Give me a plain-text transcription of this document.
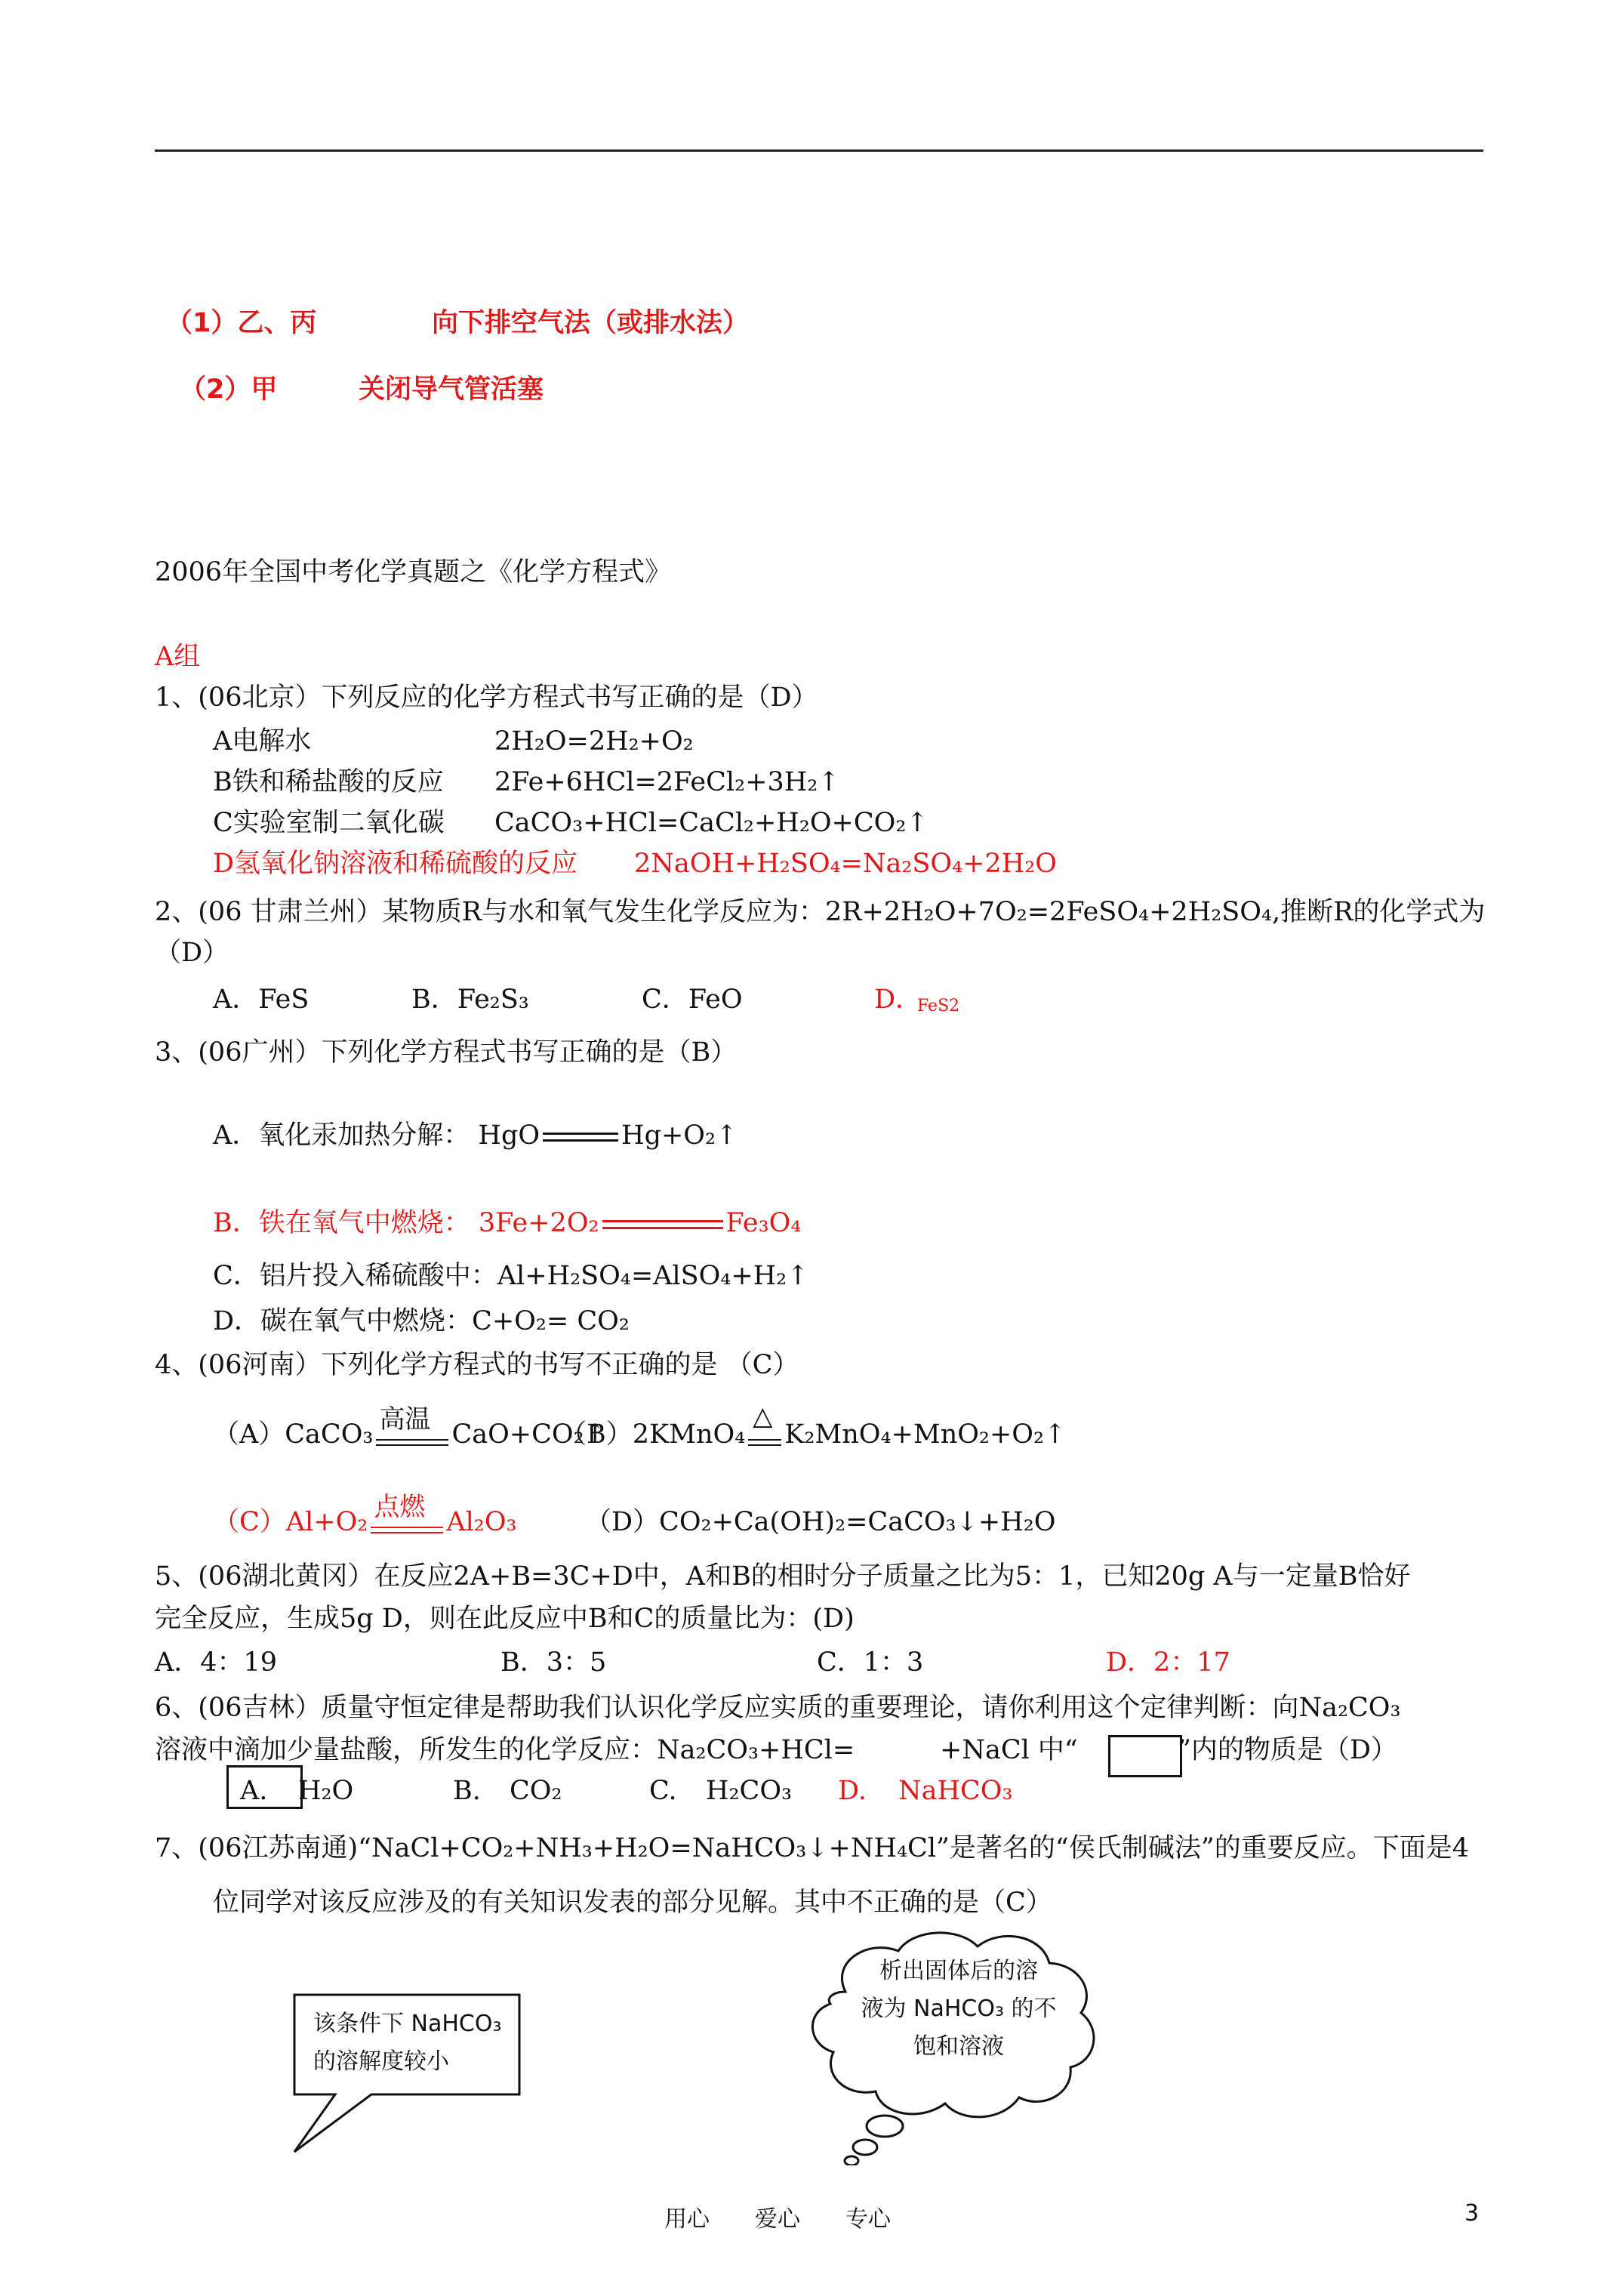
（1）乙、丙	向下排空气法（或排水法）
（2）甲	关闭导气管活塞
2006年全国中考化学真题之《化学方程式》
A组
1、(06北京）下列反应的化学方程式书写正确的是（D）
A电解水	2H₂O=2H₂+O₂
B铁和稀盐酸的反应 2Fe+6HCl=2FeCl₂+3H₂↑
C实验室制二氧化碳 CaCO₃+HCl=CaCl₂+H₂O+CO₂↑
D氢氧化钠溶液和稀硫酸的反应 2NaOH+H₂SO₄=Na₂SO₄+2H₂O
2、(06 甘肃兰州）某物质R与水和氧气发生化学反应为：2R+2H₂O+7O₂=2FeSO₄+2H₂SO₄,推断R的化学式为
（D）
A．FeS	B．Fe₂S₃	C．FeO	D．
FeS2
3、(06广州）下列化学方程式书写正确的是（B）
A．氧化汞加热分解： HgO	Hg+O₂↑
B．铁在氧气中燃烧： 3Fe+2O₂	Fe₃O₄
C．铝片投入稀硫酸中：Al+H₂SO₄=AlSO₄+H₂↑
D．碳在氧气中燃烧：C+O₂= CO₂
4、(06河南）下列化学方程式的书写不正确的是 （C）
（A）CaCO₃
高温
CaO+CO₂↑
（B）2KMnO₄
△
K₂MnO₄+MnO₂+O₂↑
（C）Al+O₂
点燃
Al₂O₃	（D）CO₂+Ca(OH)₂=CaCO₃↓+H₂O
5、(06湖北黄冈）在反应2A+B=3C+D中，A和B的相时分子质量之比为5：1，已知20g A与一定量B恰好
完全反应，生成5g D，则在此反应中B和C的质量比为：(D)
A．4：19	B．3：5	C．1：3	D．2：17
6、(06吉林）质量守恒定律是帮助我们认识化学反应实质的重要理论，请你利用这个定律判断：向Na₂CO₃
溶液中滴加少量盐酸，所发生的化学反应：Na₂CO₃+HCl=	+NaCl 中“	”内的物质是（D）
A. H₂O	B. CO₂	C. H₂CO₃ D. NaHCO₃
7、(06江苏南通)“NaCl+CO₂+NH₃+H₂O=NaHCO₃↓+NH₄Cl”是著名的“侯氏制碱法”的重要反应。下面是4
位同学对该反应涉及的有关知识发表的部分见解。其中不正确的是（C）
该条件下 NaHCO₃
的溶解度较小
析出固体后的溶
液为 NaHCO₃ 的不
饱和溶液
用心　　爱心　　专心	3
